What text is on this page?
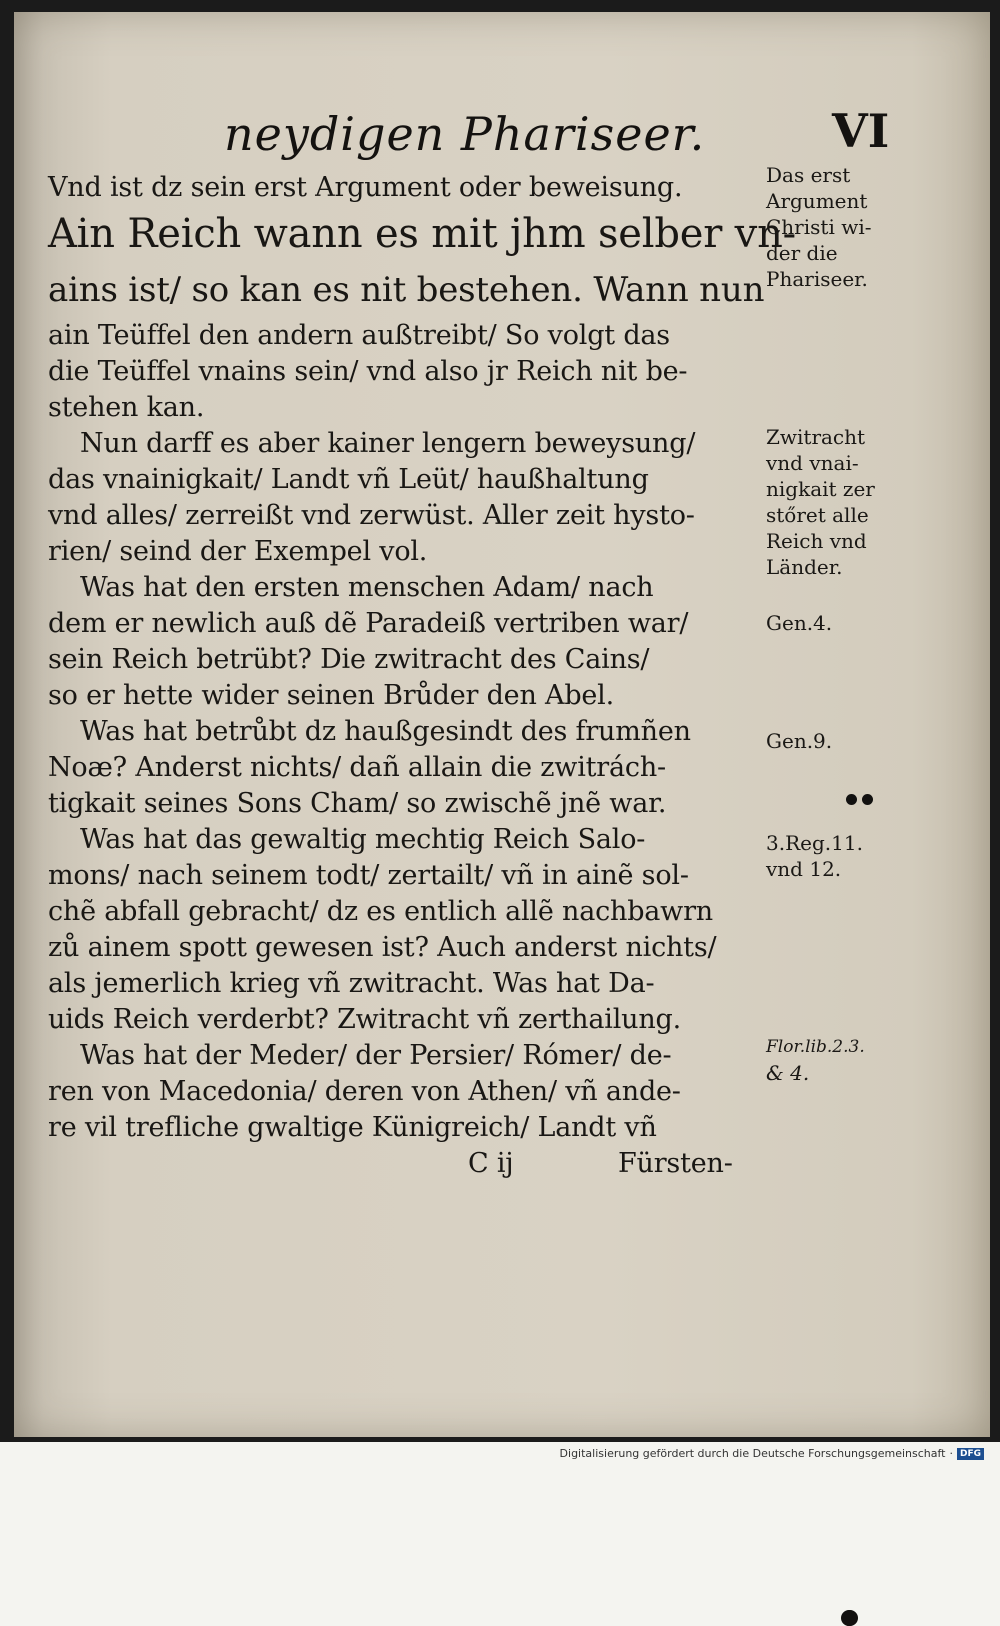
neydigen Phariseer.	VI
Vnd ist dz sein erst Argument oder beweisung.
Ain Reich wann es mit jhm selber vn-
ains ist/ so kan es nit bestehen. Wann nun
ain Teüffel den andern außtreibt/ So volgt das
die Teüffel vnains sein/ vnd also jr Reich nit be-
stehen kan.
Nun darff es aber kainer lengern beweysung/
das vnainigkait/ Landt vñ Leüt/ haußhaltung
vnd alles/ zerreißt vnd zerwüst. Aller zeit hysto-
rien/ seind der Exempel vol.
Was hat den ersten menschen Adam/ nach
dem er newlich auß dẽ Paradeiß vertriben war/
sein Reich betrübt? Die zwitracht des Cains/
so er hette wider seinen Brůder den Abel.
Was hat betrůbt dz haußgesindt des frumñen
Noæ? Anderst nichts/ dañ allain die zwitrách-
tigkait seines Sons Cham/ so zwischẽ jnẽ war.
Was hat das gewaltig mechtig Reich Salo-
mons/ nach seinem todt/ zertailt/ vñ in ainẽ sol-
chẽ abfall gebracht/ dz es entlich allẽ nachbawrn
zů ainem spott gewesen ist? Auch anderst nichts/
als jemerlich krieg vñ zwitracht. Was hat Da-
uids Reich verderbt? Zwitracht vñ zerthailung.
Was hat der Meder/ der Persier/ Rómer/ de-
ren von Macedonia/ deren von Athen/ vñ ande-
re vil trefliche gwaltige Künigreich/ Landt vñ
C ij	Fürsten-
Das erst
Argument
Christi wi-
der die
Phariseer.
Zwitracht
vnd vnai-
nigkait zer
stőret alle
Reich vnd
Länder.
Gen.4.
Gen.9.
3.Reg.11.
vnd 12.
Flor.lib.2.3.
& 4.
Digitalisierung gefördert durch die Deutsche Forschungsgemeinschaft · DFG
